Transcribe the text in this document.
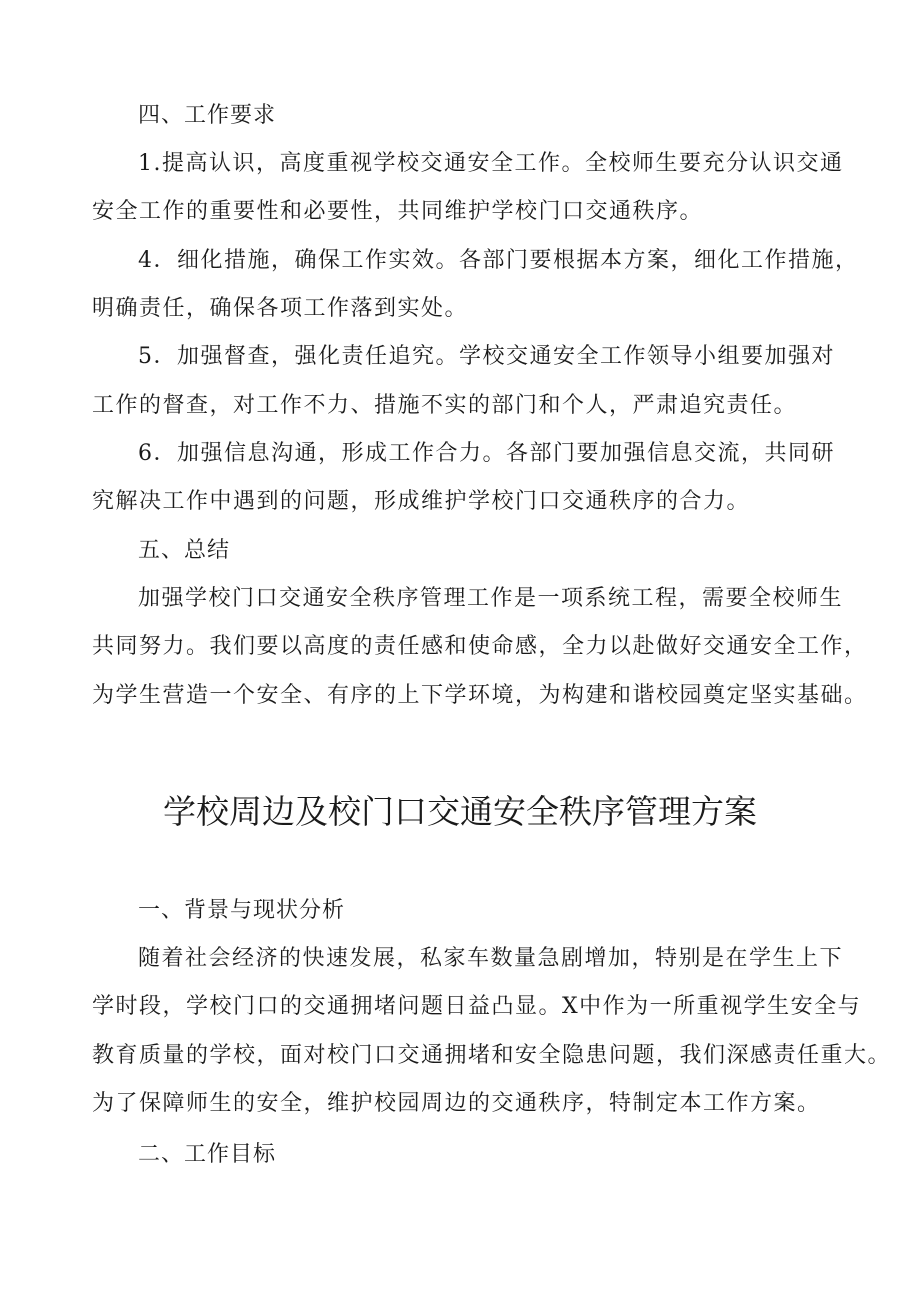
四、工作要求
1.提高认识，高度重视学校交通安全工作。全校师生要充分认识交通
安全工作的重要性和必要性，共同维护学校门口交通秩序。
4．细化措施，确保工作实效。各部门要根据本方案，细化工作措施，
明确责任，确保各项工作落到实处。
5．加强督查，强化责任追究。学校交通安全工作领导小组要加强对
工作的督查，对工作不力、措施不实的部门和个人，严肃追究责任。
6．加强信息沟通，形成工作合力。各部门要加强信息交流，共同研
究解决工作中遇到的问题，形成维护学校门口交通秩序的合力。
五、总结
加强学校门口交通安全秩序管理工作是一项系统工程，需要全校师生
共同努力。我们要以高度的责任感和使命感，全力以赴做好交通安全工作，
为学生营造一个安全、有序的上下学环境，为构建和谐校园奠定坚实基础。
学校周边及校门口交通安全秩序管理方案
一、背景与现状分析
随着社会经济的快速发展，私家车数量急剧增加，特别是在学生上下
学时段，学校门口的交通拥堵问题日益凸显。X中作为一所重视学生安全与
教育质量的学校，面对校门口交通拥堵和安全隐患问题，我们深感责任重大。
为了保障师生的安全，维护校园周边的交通秩序，特制定本工作方案。
二、工作目标
